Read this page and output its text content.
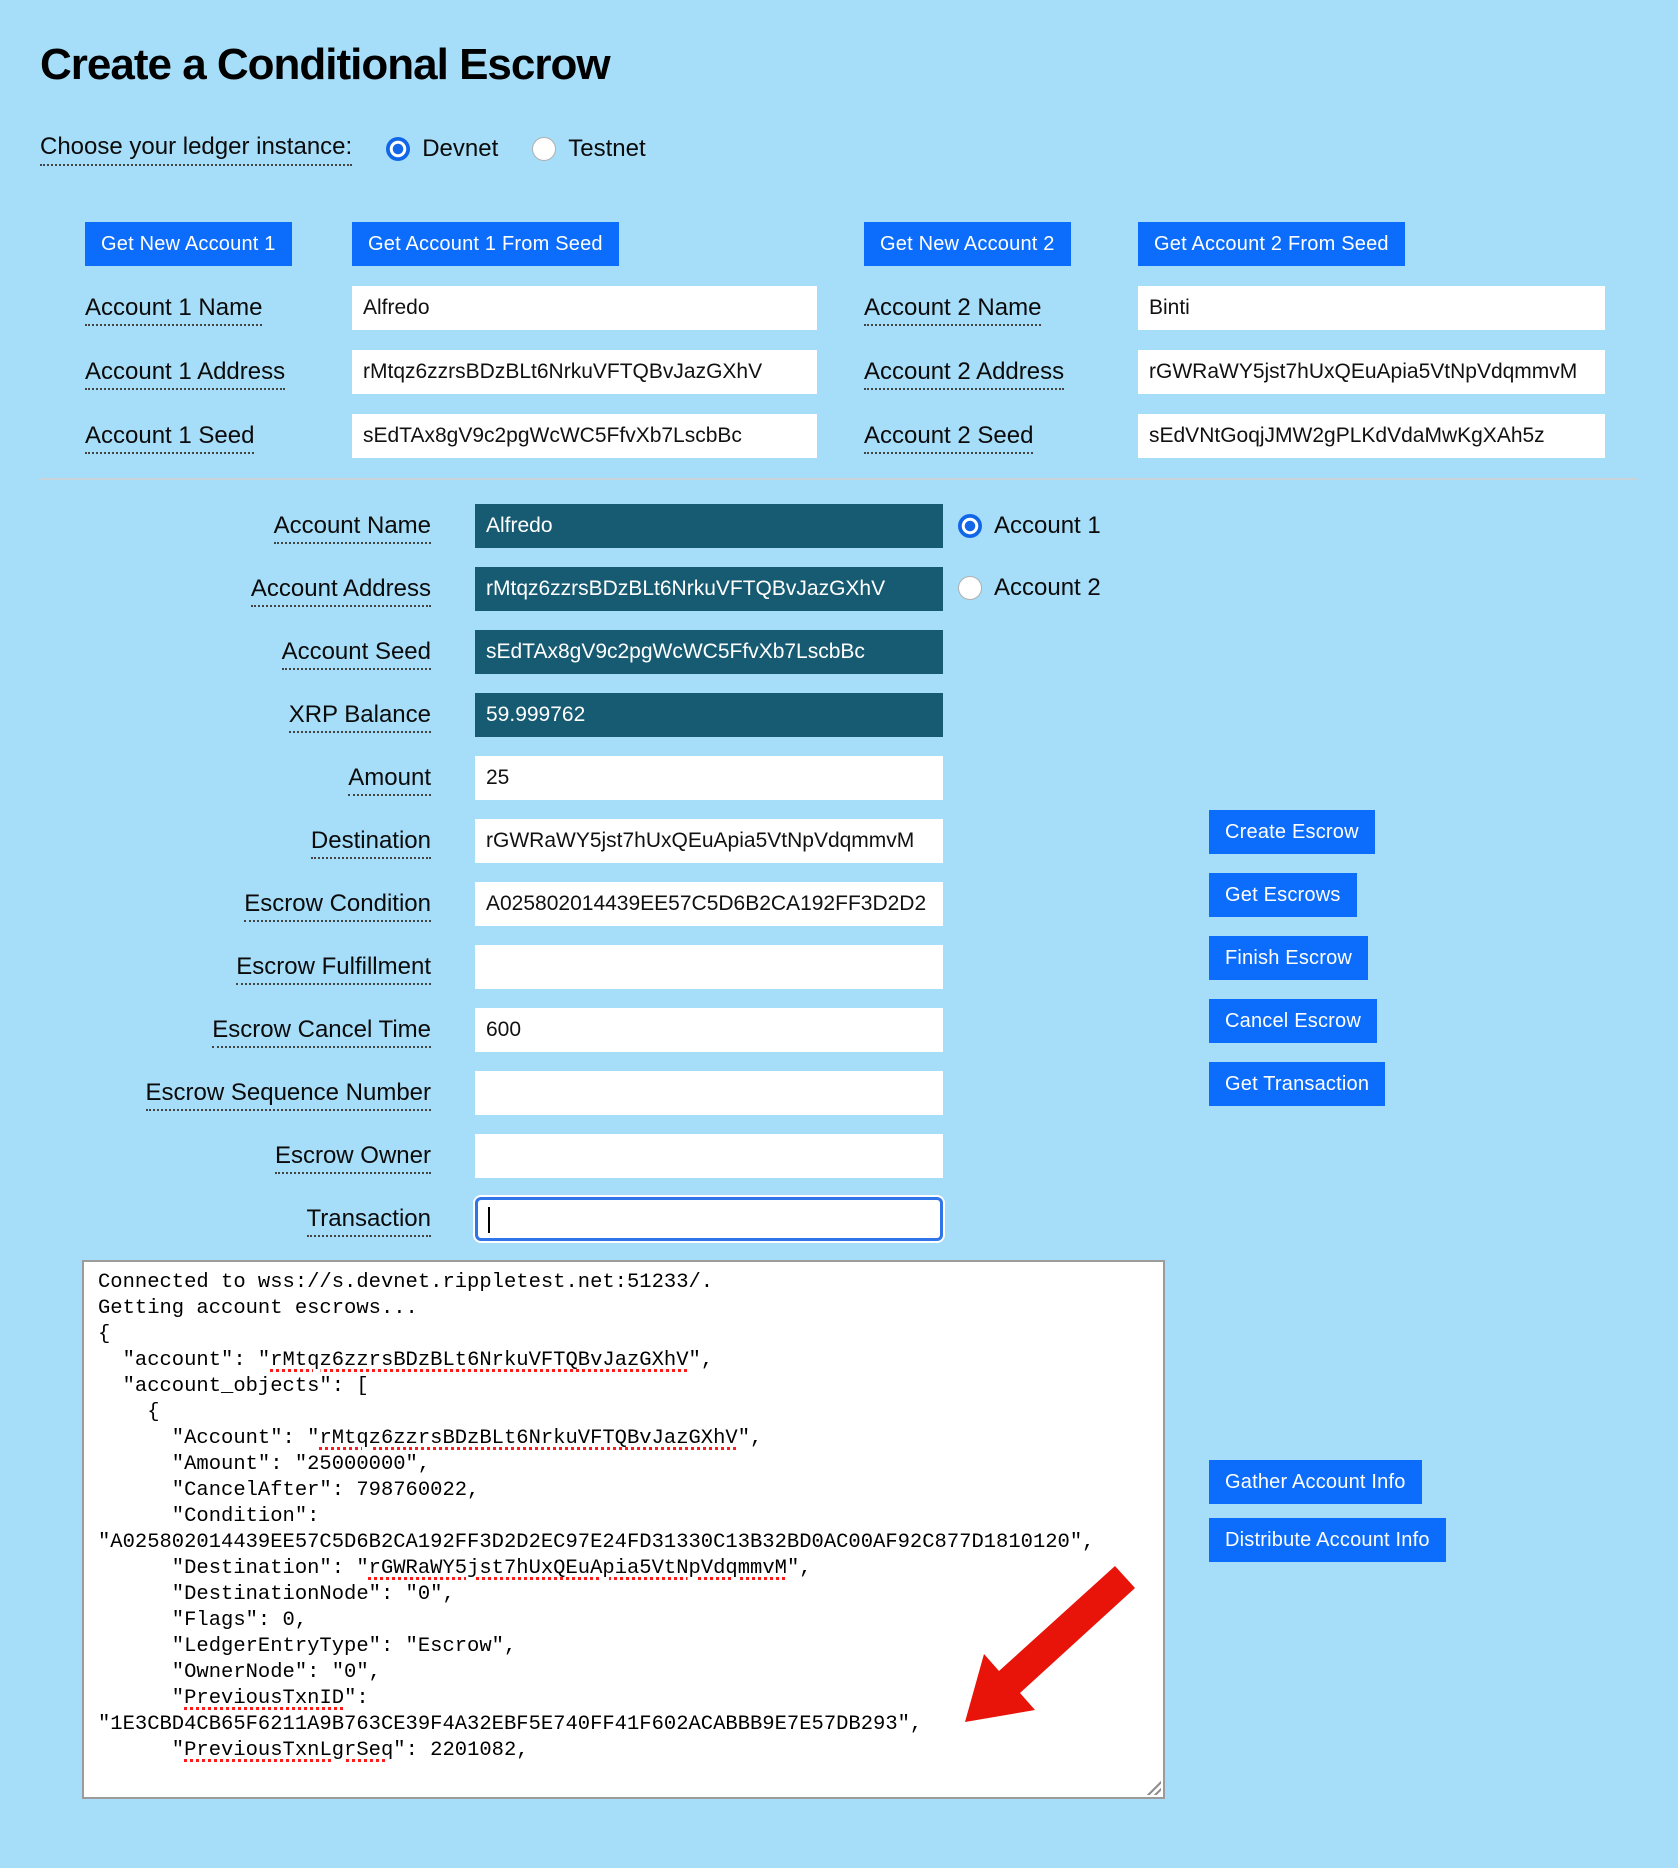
Create a Conditional Escrow
Choose your ledger instance:	Devnet	Testnet
Get New Account 1	Get Account 1 From Seed	Get New Account 2	Get Account 2 From Seed
Account 1 Name	Alfredo	Account 2 Name	Binti
Account 1 Address	rMtqz6zzrsBDzBLt6NrkuVFTQBvJazGXhV	Account 2 Address	rGWRaWY5jst7hUxQEuApia5VtNpVdqmmvM
Account 1 Seed	sEdTAx8gV9c2pgWcWC5FfvXb7LscbBc	Account 2 Seed	sEdVNtGoqjJMW2gPLKdVdaMwKgXAh5z
Account Name	Alfredo
Account Address	rMtqz6zzrsBDzBLt6NrkuVFTQBvJazGXhV
Account Seed	sEdTAx8gV9c2pgWcWC5FfvXb7LscbBc
XRP Balance	59.999762
Amount	25
Destination	rGWRaWY5jst7hUxQEuApia5VtNpVdqmmvM
Escrow Condition	A025802014439EE57C5D6B2CA192FF3D2D2
Escrow Fulfillment
Escrow Cancel Time	600
Escrow Sequence Number
Escrow Owner
Transaction
Account 1
Account 2
Create Escrow
Get Escrows
Finish Escrow
Cancel Escrow
Get Transaction
Connected to wss://s.devnet.rippletest.net:51233/.
Getting account escrows...
{
"account": "rMtqz6zzrsBDzBLt6NrkuVFTQBvJazGXhV",
"account_objects": [
{
"Account": "rMtqz6zzrsBDzBLt6NrkuVFTQBvJazGXhV",
"Amount": "25000000",
"CancelAfter": 798760022,
"Condition":
"A025802014439EE57C5D6B2CA192FF3D2D2EC97E24FD31330C13B32BD0AC00AF92C877D1810120",
"Destination": "rGWRaWY5jst7hUxQEuApia5VtNpVdqmmvM",
"DestinationNode": "0",
"Flags": 0,
"LedgerEntryType": "Escrow",
"OwnerNode": "0",
"PreviousTxnID":
"1E3CBD4CB65F6211A9B763CE39F4A32EBF5E740FF41F602ACABBB9E7E57DB293",
"PreviousTxnLgrSeq": 2201082,
Gather Account Info
Distribute Account Info
